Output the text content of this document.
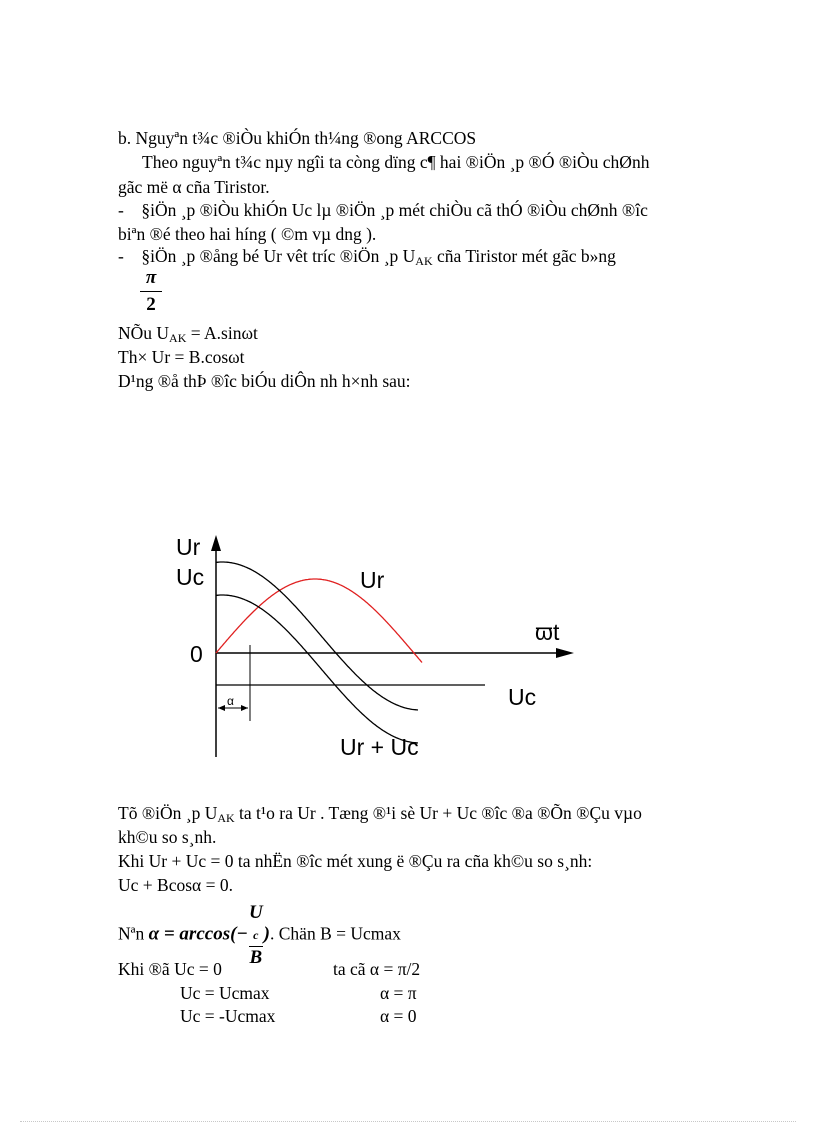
b. Nguyªn t¾c ®iÒu khiÓn th¼ng ®ong ARCCOS
Theo nguyªn t¾c nµy ngîi ta còng dïng c¶ hai ®iÖn ¸p ®Ó ®iÒu chØnh
gãc më α cña Tiristor.
-    §iÖn ¸p ®iÒu khiÓn Uc lµ ®iÖn ¸p mét chiÒu cã thÓ ®iÒu chØnh ®îc
biªn ®é theo hai híng ( ©m vµ dng ).
-    §iÖn ¸p ®ång bé Ur vêt tríc ®iÖn ¸p $U_{AK}$ cña Tiristor mét gãc b»ng
π
2
NÕu $U_{AK} = A.\sin\omega t$
Th× Ur = B.cosωt
D¹ng ®å thÞ ®îc biÓu diÔn nh h×nh sau:
Ur
Uc
0
ϖt
Ur
Uc
Ur + Uc
α
Tõ ®iÖn ¸p $U_{AK}$ ta t¹o ra Ur . Tæng ®¹i sè Ur + Uc ®îc ®a ®Õn ®Çu vµo
kh©u so s¸nh.
Khi Ur + Uc = 0 ta nhËn ®îc mét xung ë ®Çu ra cña kh©u so s¸nh:
Uc + Bcosα = 0.
Nªn α = arccos(− U
$_c$
B ). Chän B = Ucmax
Khi ®ã Uc = 0	ta cã α = π/2
Uc = Ucmax	α = π
Uc = -Ucmax	α = 0
